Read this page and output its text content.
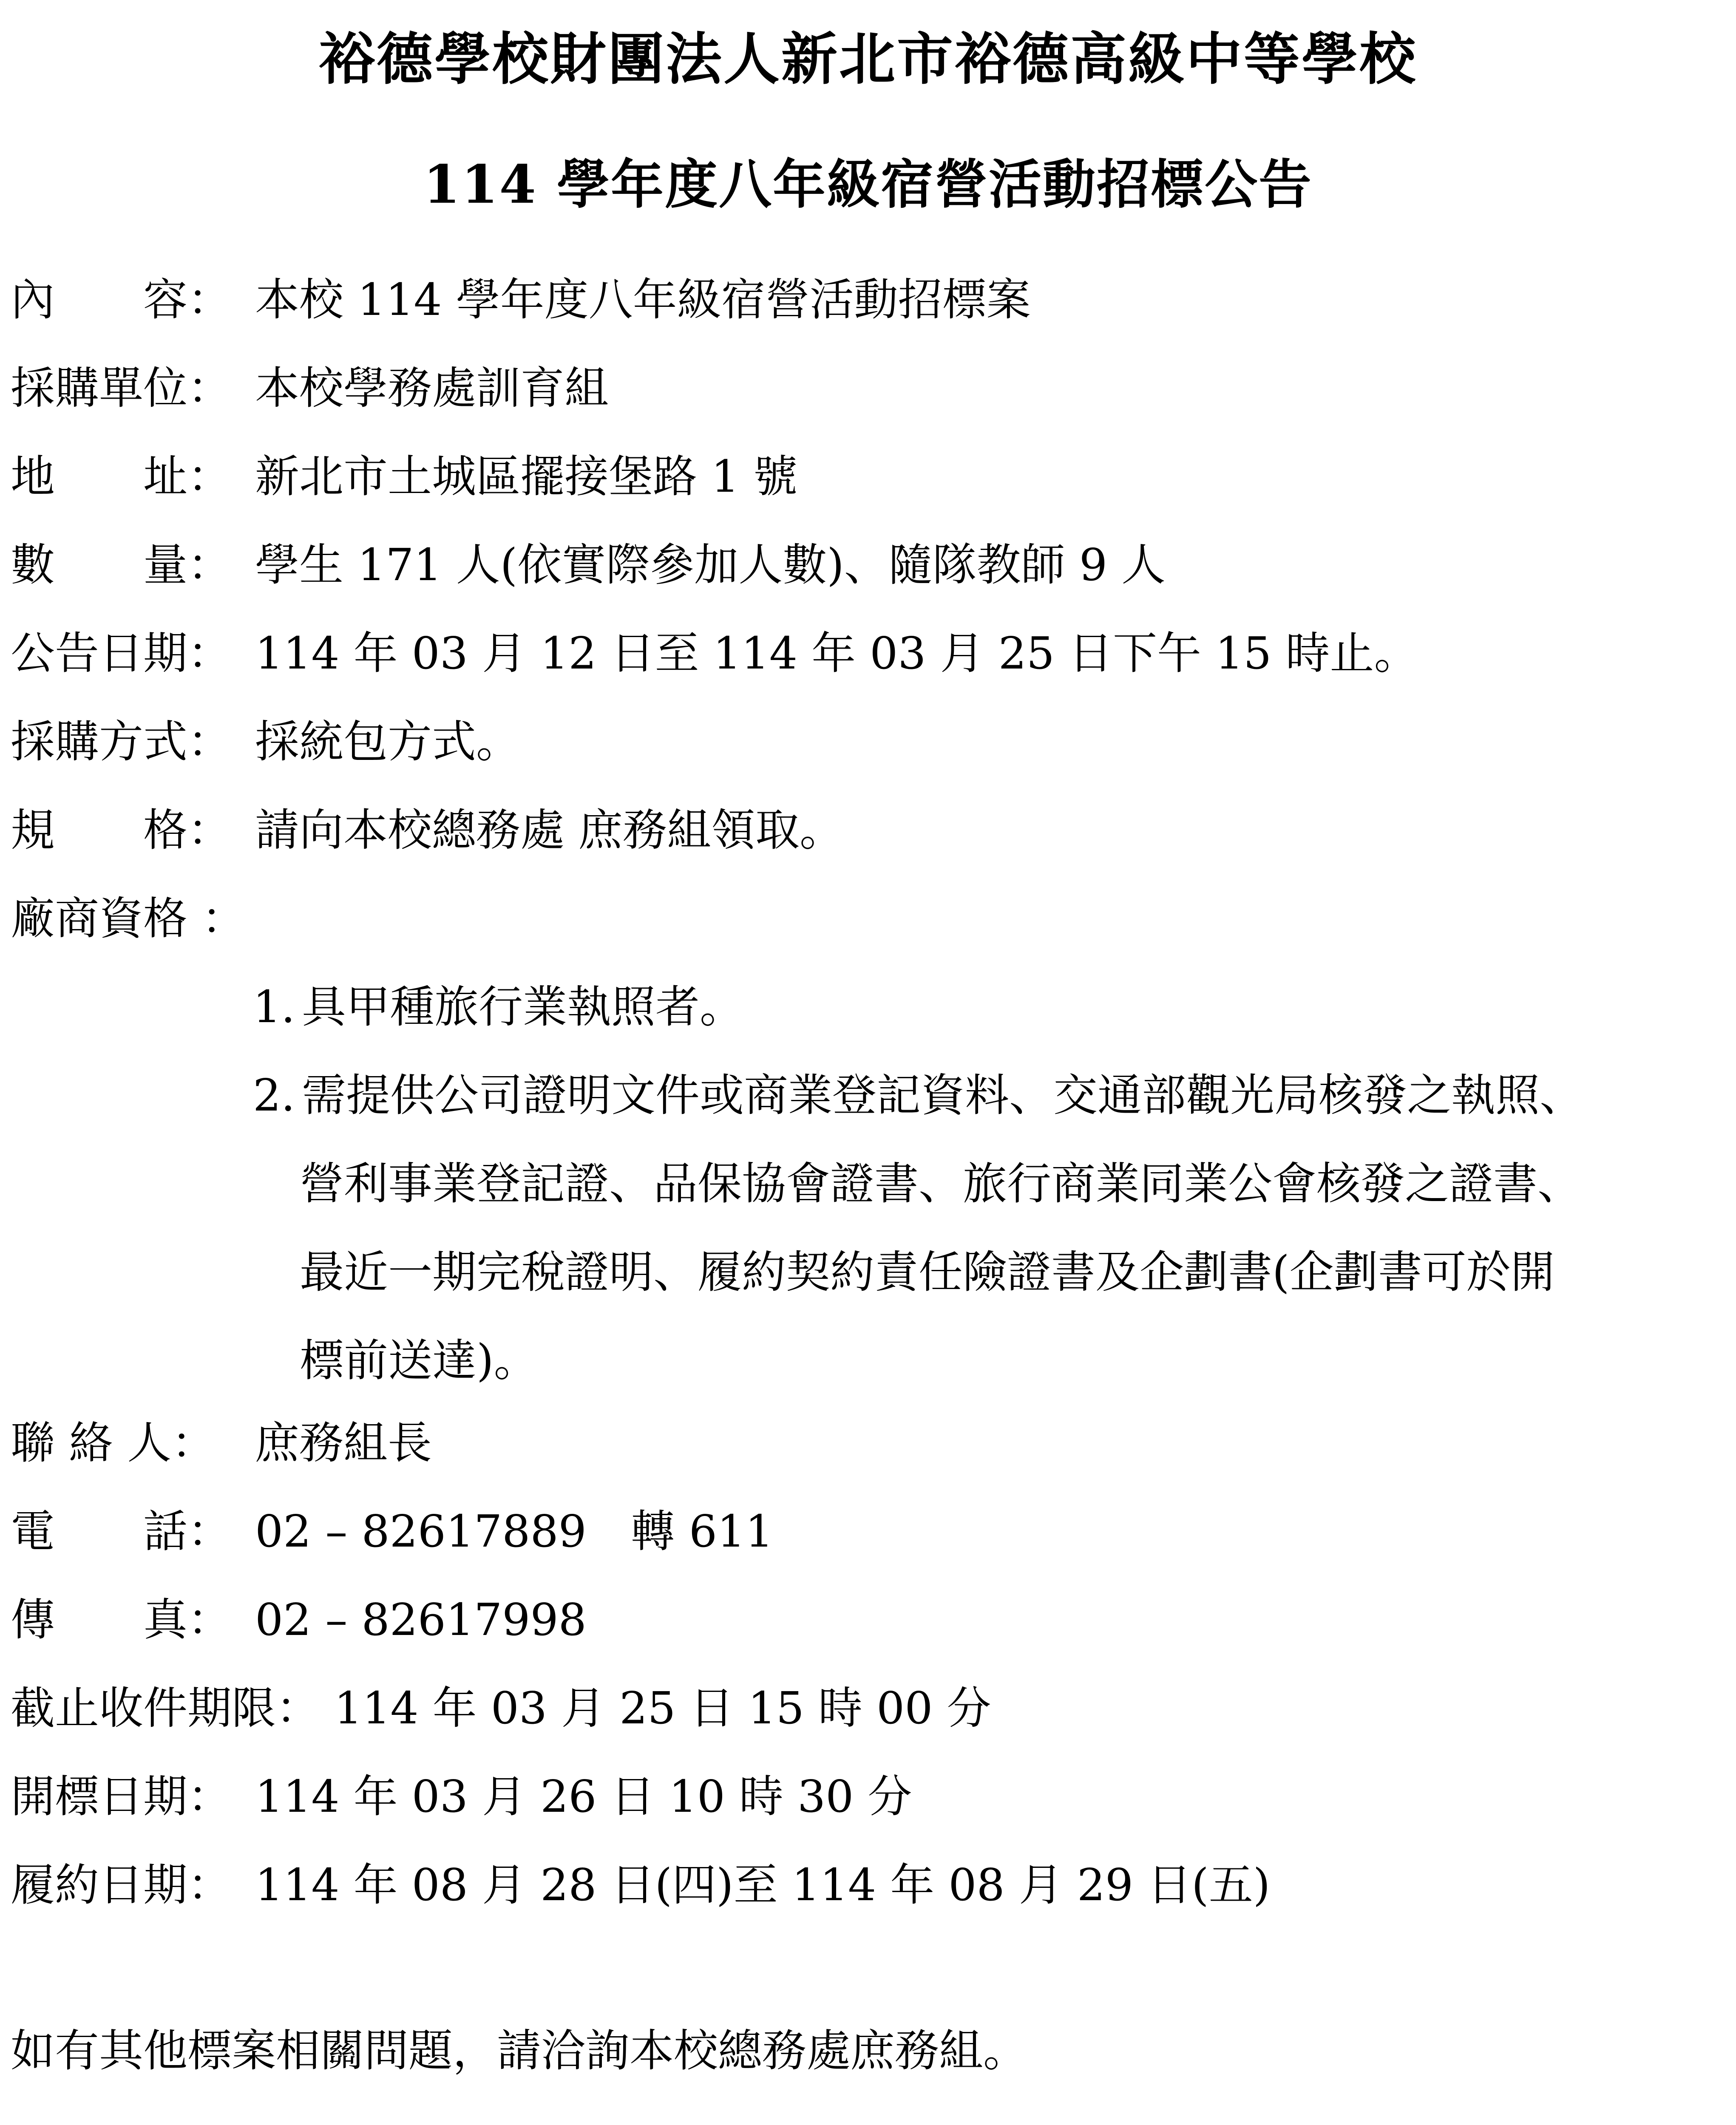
裕德學校財團法人新北市裕德高級中等學校
114 學年度八年級宿營活動招標公告
內　　容： 本校 114 學年度八年級宿營活動招標案
採購單位： 本校學務處訓育組
地　　址： 新北市土城區擺接堡路 1 號
數　　量： 學生 171 人(依實際參加人數)、隨隊教師 9 人
公告日期： 114 年 03 月 12 日至 114 年 03 月 25 日下午 15 時止。
採購方式： 採統包方式。
規　　格： 請向本校總務處 庶務組領取。
廠商資格 ：
1. 具甲種旅行業執照者。
2. 需提供公司證明文件或商業登記資料、交通部觀光局核發之執照、
營利事業登記證、品保協會證書、旅行商業同業公會核發之證書、
最近一期完稅證明、履約契約責任險證書及企劃書(企劃書可於開
標前送達)。
聯 絡 人： 庶務組長
電　　話： 02 – 82617889　轉 611
傳　　真： 02 – 82617998
截止收件期限： 114 年 03 月 25 日 15 時 00 分
開標日期： 114 年 03 月 26 日 10 時 30 分
履約日期： 114 年 08 月 28 日(四)至 114 年 08 月 29 日(五)
如有其他標案相關問題，請洽詢本校總務處庶務組。
